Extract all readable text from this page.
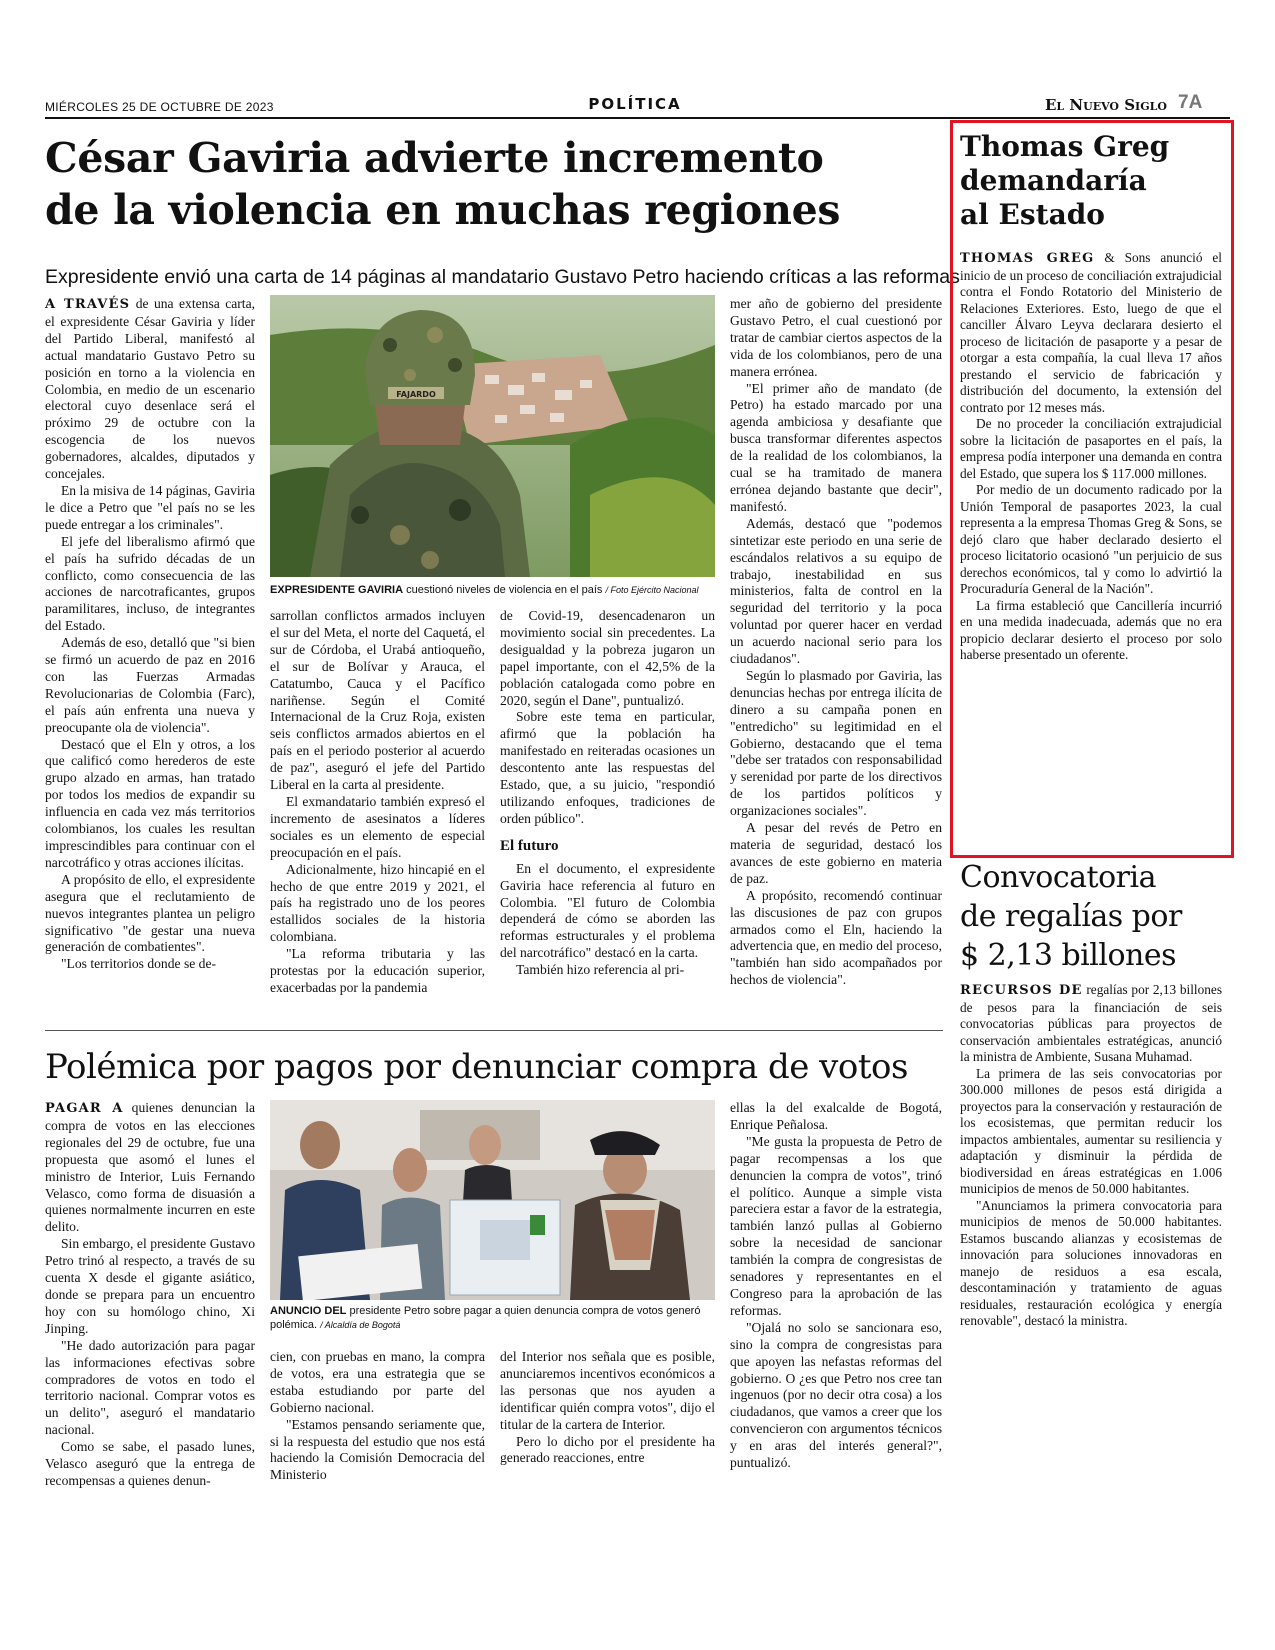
MIÉRCOLES 25 DE OCTUBRE DE 2023	POLÍTICA	El Nuevo Siglo 7A
César Gaviria advierte incremento
de la violencia en muchas regiones
Expresidente envió una carta de 14 páginas al mandatario Gustavo Petro haciendo críticas a las reformas

A TRAVÉS de una extensa carta, el expresidente César Gaviria y líder del Partido Liberal, manifestó al actual mandatario Gustavo Petro su posición en torno a la violencia en Colombia, en medio de un escenario electoral cuyo desenlace será el próximo 29 de octubre con la escogencia de los nuevos gobernadores, alcaldes, diputados y concejales.

En la misiva de 14 páginas, Gaviria le dice a Petro que "el país no se les puede entregar a los criminales".

El jefe del liberalismo afirmó que el país ha sufrido décadas de un conflicto, como consecuencia de las acciones de narcotraficantes, grupos paramilitares, incluso, de integrantes del Estado.

Además de eso, detalló que "si bien se firmó un acuerdo de paz en 2016 con las Fuerzas Armadas Revolucionarias de Colombia (Farc), el país aún enfrenta una nueva y preocupante ola de violencia".

Destacó que el Eln y otros, a los que calificó como herederos de este grupo alzado en armas, han tratado por todos los medios de expandir su influencia en cada vez más territorios colombianos, los cuales les resultan imprescindibles para continuar con el narcotráfico y otras acciones ilícitas.

A propósito de ello, el expresidente asegura que el reclutamiento de nuevos integrantes plantea un peligro significativo "de gestar una nueva generación de combatientes".

"Los territorios donde se de-

FAJARDO
EXPRESIDENTE GAVIRIA cuestionó niveles de violencia en el país / Foto Ejército Nacional

sarrollan conflictos armados incluyen el sur del Meta, el norte del Caquetá, el sur de Córdoba, el Urabá antioqueño, el sur de Bolívar y Arauca, el Catatumbo, Cauca y el Pacífico nariñense. Según el Comité Internacional de la Cruz Roja, existen seis conflictos armados abiertos en el país en el periodo posterior al acuerdo de paz", aseguró el jefe del Partido Liberal en la carta al presidente.

El exmandatario también expresó el incremento de asesinatos a líderes sociales es un elemento de especial preocupación en el país.

Adicionalmente, hizo hincapié en el hecho de que entre 2019 y 2021, el país ha registrado uno de los peores estallidos sociales de la historia colombiana.

"La reforma tributaria y las protestas por la educación superior, exacerbadas por la pandemia

de Covid-19, desencadenaron un movimiento social sin precedentes. La desigualdad y la pobreza jugaron un papel importante, con el 42,5% de la población catalogada como pobre en 2020, según el Dane", puntualizó.

Sobre este tema en particular, afirmó que la población ha manifestado en reiteradas ocasiones un descontento ante las respuestas del Estado, que, a su juicio, "respondió utilizando enfoques, tradiciones de orden público".

El futuro

En el documento, el expresidente Gaviria hace referencia al futuro en Colombia. "El futuro de Colombia dependerá de cómo se aborden las reformas estructurales y el problema del narcotráfico" destacó en la carta.

También hizo referencia al pri-

mer año de gobierno del presidente Gustavo Petro, el cual cuestionó por tratar de cambiar ciertos aspectos de la vida de los colombianos, pero de una manera errónea.

"El primer año de mandato (de Petro) ha estado marcado por una agenda ambiciosa y desafiante que busca transformar diferentes aspectos de la realidad de los colombianos, la cual se ha tramitado de manera errónea dejando bastante que decir", manifestó.

Además, destacó que "podemos sintetizar este periodo en una serie de escándalos relativos a su equipo de trabajo, inestabilidad en sus ministerios, falta de control en la seguridad del territorio y la poca voluntad por querer hacer en verdad un acuerdo nacional serio para los ciudadanos".

Según lo plasmado por Gaviria, las denuncias hechas por entrega ilícita de dinero a su campaña ponen en "entredicho" su legitimidad en el Gobierno, destacando que el tema "debe ser tratados con responsabilidad y serenidad por parte de los directivos de los partidos políticos y organizaciones sociales".

A pesar del revés de Petro en materia de seguridad, destacó los avances de este gobierno en materia de paz.

A propósito, recomendó continuar las discusiones de paz con grupos armados como el Eln, haciendo la advertencia que, en medio del proceso, "también han sido acompañados por hechos de violencia".

Polémica por pagos por denunciar compra de votos

PAGAR A quienes denuncian la compra de votos en las elecciones regionales del 29 de octubre, fue una propuesta que asomó el lunes el ministro de Interior, Luis Fernando Velasco, como forma de disuasión a quienes normalmente incurren en este delito.

Sin embargo, el presidente Gustavo Petro trinó al respecto, a través de su cuenta X desde el gigante asiático, donde se prepara para un encuentro hoy con su homólogo chino, Xi Jinping.

"He dado autorización para pagar las informaciones efectivas sobre compradores de votos en todo el territorio nacional. Comprar votos es un delito", aseguró el mandatario nacional.

Como se sabe, el pasado lunes, Velasco aseguró que la entrega de recompensas a quienes denun-

ANUNCIO DEL presidente Petro sobre pagar a quien denuncia compra de votos generó polémica. / Alcaldía de Bogotá

cien, con pruebas en mano, la compra de votos, era una estrategia que se estaba estudiando por parte del Gobierno nacional.

"Estamos pensando seriamente que, si la respuesta del estudio que nos está haciendo la Comisión Democracia del Ministerio

del Interior nos señala que es posible, anunciaremos incentivos económicos a las personas que nos ayuden a identificar quién compra votos", dijo el titular de la cartera de Interior.

Pero lo dicho por el presidente ha generado reacciones, entre

ellas la del exalcalde de Bogotá, Enrique Peñalosa.

"Me gusta la propuesta de Petro de pagar recompensas a los que denuncien la compra de votos", trinó el político. Aunque a simple vista pareciera estar a favor de la estrategia, también lanzó pullas al Gobierno sobre la necesidad de sancionar también la compra de congresistas de senadores y representantes en el Congreso para la aprobación de las reformas.

"Ojalá no solo se sancionara eso, sino la compra de congresistas para que apoyen las nefastas reformas del gobierno. O ¿es que Petro nos cree tan ingenuos (por no decir otra cosa) a los ciudadanos, que vamos a creer que los convencieron con argumentos técnicos y en aras del interés general?", puntualizó.

Thomas Greg
demandaría
al Estado

THOMAS GREG & Sons anunció el inicio de un proceso de conciliación extrajudicial contra el Fondo Rotatorio del Ministerio de Relaciones Exteriores. Esto, luego de que el canciller Álvaro Leyva declarara desierto el proceso de licitación de pasaporte y a pesar de otorgar a esta compañía, la cual lleva 17 años prestando el servicio de fabricación y distribución del documento, la extensión del contrato por 12 meses más.

De no proceder la conciliación extrajudicial sobre la licitación de pasaportes en el país, la empresa podía interponer una demanda en contra del Estado, que supera los $ 117.000 millones.

Por medio de un documento radicado por la Unión Temporal de pasaportes 2023, la cual representa a la empresa Thomas Greg & Sons, se dejó claro que haber declarado desierto el proceso licitatorio ocasionó "un perjuicio de sus derechos económicos, tal y como lo advirtió la Procuraduría General de la Nación".

La firma estableció que Cancillería incurrió en una medida inadecuada, además que no era propicio declarar desierto el proceso por solo haberse presentado un oferente.

Convocatoria
de regalías por
$ 2,13 billones

RECURSOS DE regalías por 2,13 billones de pesos para la financiación de seis convocatorias públicas para proyectos de conservación ambientales estratégicas, anunció la ministra de Ambiente, Susana Muhamad.

La primera de las seis convocatorias por 300.000 millones de pesos está dirigida a proyectos para la conservación y restauración de los ecosistemas, que permitan reducir los impactos ambientales, aumentar su resiliencia y adaptación y disminuir la pérdida de biodiversidad en áreas estratégicas en 1.006 municipios de menos de 50.000 habitantes.

"Anunciamos la primera convocatoria para municipios de menos de 50.000 habitantes. Estamos buscando alianzas y ecosistemas de innovación para soluciones innovadoras en manejo de residuos a esa escala, descontaminación y tratamiento de aguas residuales, restauración ecológica y energía renovable", destacó la ministra.
